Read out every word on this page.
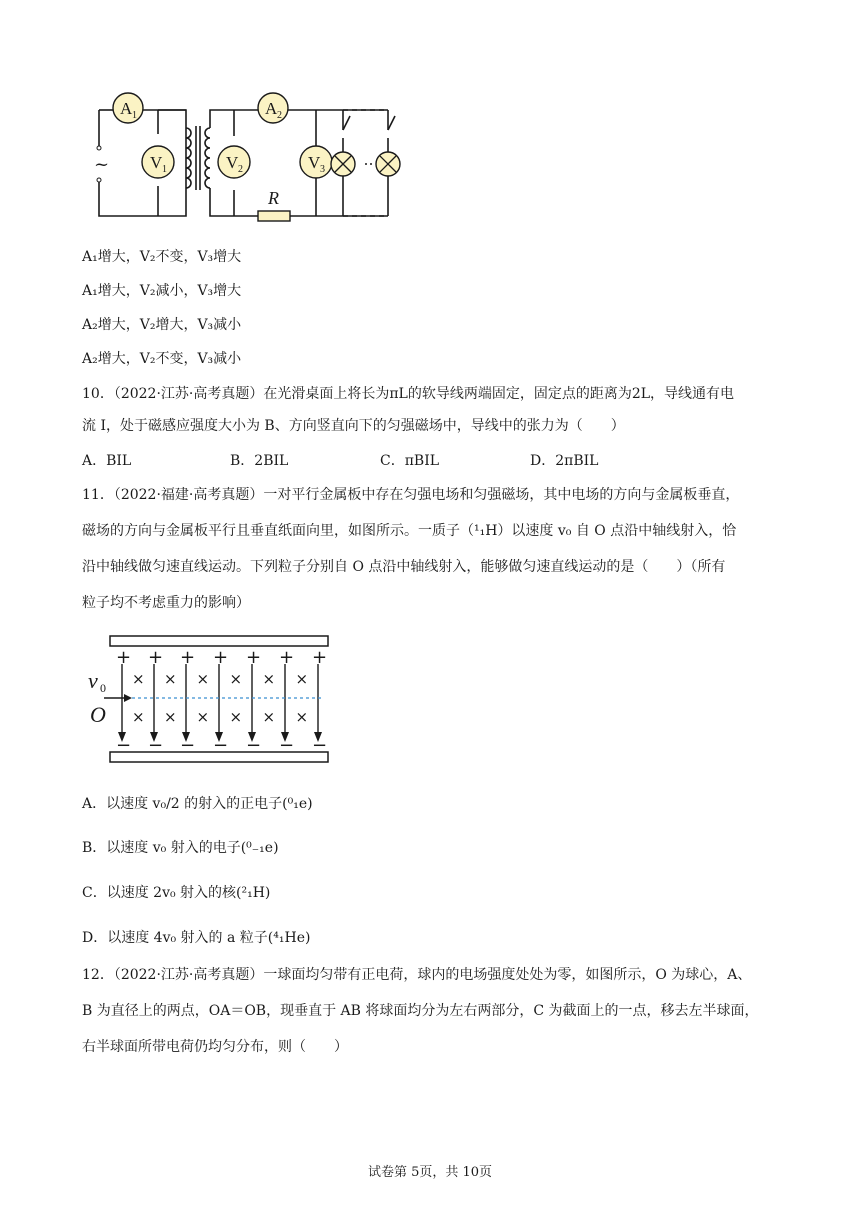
~
A 1
V 1
A 2
V 2	V 3
R
A₁增大，V₂不变，V₃增大
A₁增大，V₂减小，V₃增大
A₂增大，V₂增大，V₃减小
A₂增大，V₂不变，V₃减小
10．（2022·江苏·高考真题）在光滑桌面上将长为πL的软导线两端固定，固定点的距离为2L，导线通有电
流 I，处于磁感应强度大小为 B、方向竖直向下的匀强磁场中，导线中的张力为（　　）
A．BIL	B．2BIL	C．πBIL	D．2πBIL
11．（2022·福建·高考真题）一对平行金属板中存在匀强电场和匀强磁场，其中电场的方向与金属板垂直，
磁场的方向与金属板平行且垂直纸面向里，如图所示。一质子（¹₁H）以速度 v₀ 自 O 点沿中轴线射入，恰
沿中轴线做匀速直线运动。下列粒子分别自 O 点沿中轴线射入，能够做匀速直线运动的是（　　）（所有
粒子均不考虑重力的影响）
v 0
O
+
−
+
−
+
−
+
−
+
−
+
−
+
−
×
×
×
×
×
×
×
×
×
×
×
×
A．以速度 v₀/2 的射入的正电子(⁰₁e)
B．以速度 v₀ 射入的电子(⁰₋₁e)
C．以速度 2v₀ 射入的核(²₁H)
D．以速度 4v₀ 射入的 a 粒子(⁴₁He)
12．（2022·江苏·高考真题）一球面均匀带有正电荷，球内的电场强度处处为零，如图所示，O 为球心，A、
B 为直径上的两点，OA＝OB，现垂直于 AB 将球面均分为左右两部分，C 为截面上的一点，移去左半球面，
右半球面所带电荷仍均匀分布，则（　　）
试卷第 5页，共 10页
